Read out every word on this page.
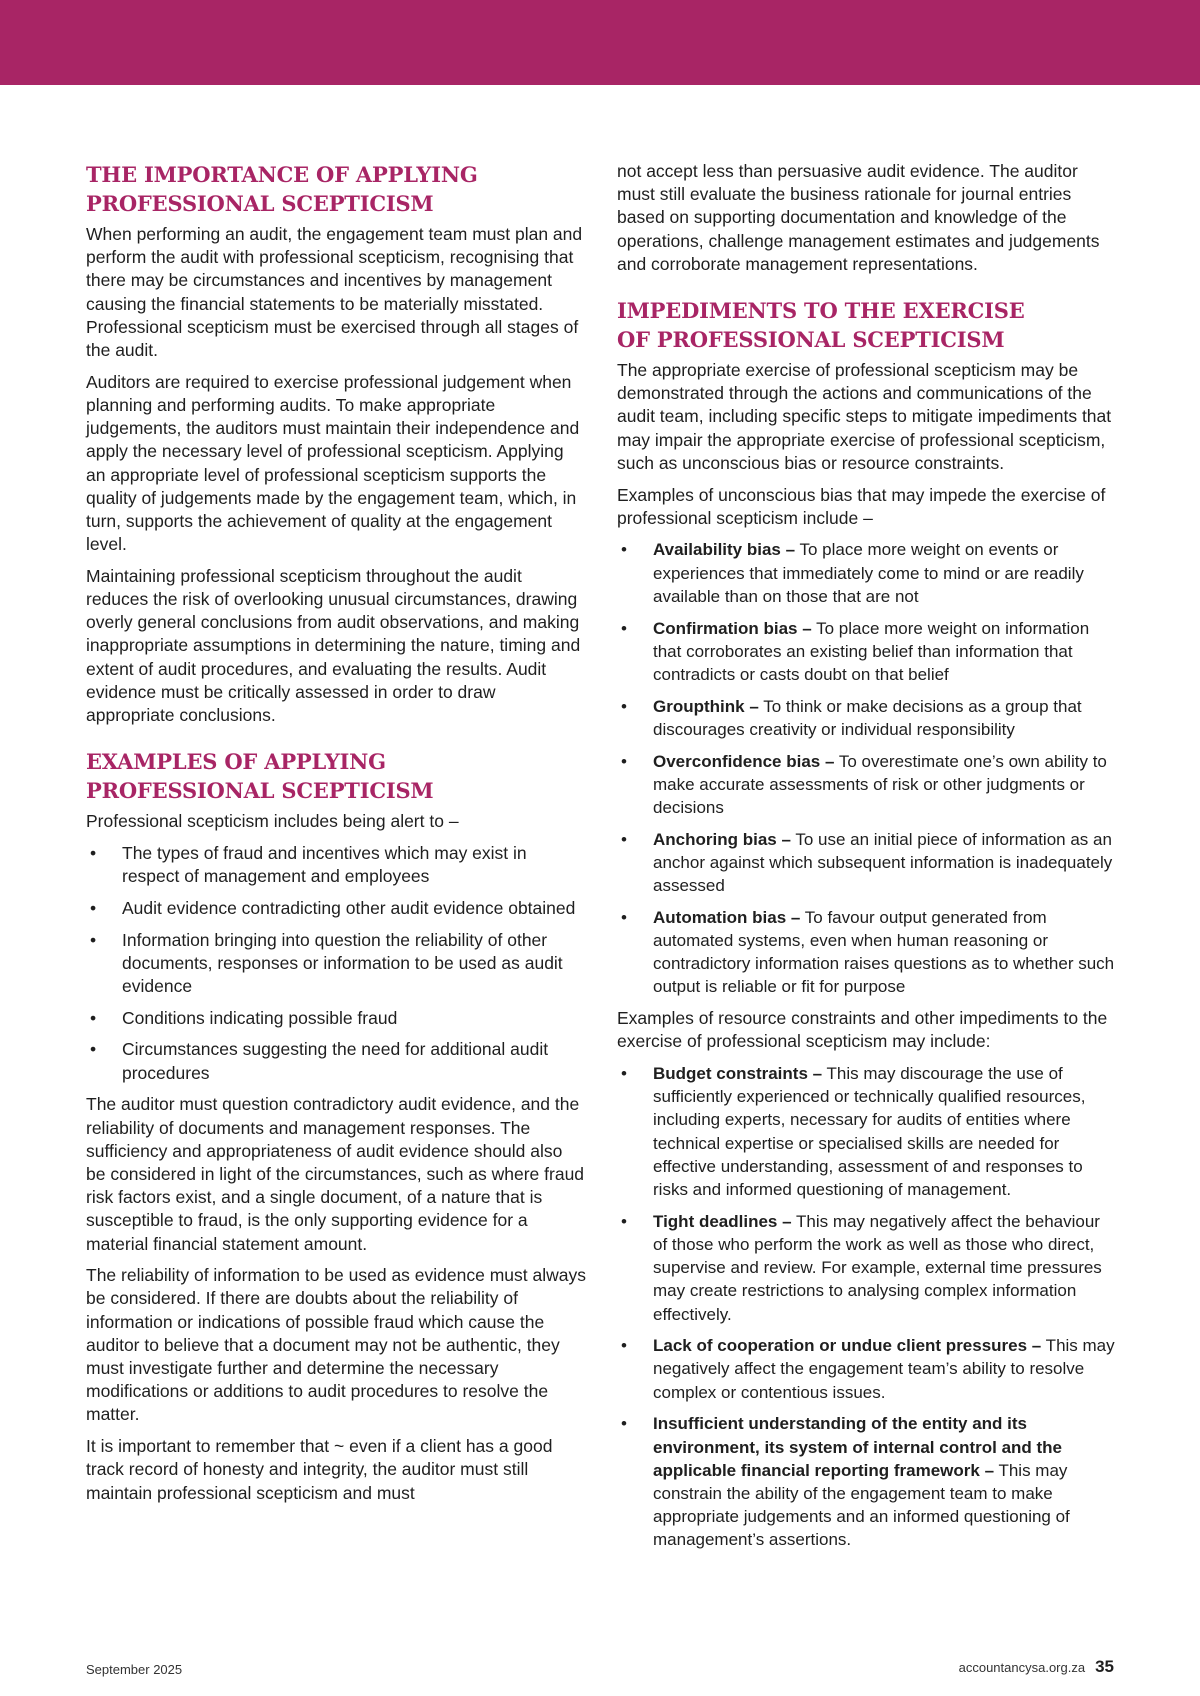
THE IMPORTANCE OF APPLYING
PROFESSIONAL SCEPTICISM

When performing an audit, the engagement team must plan and perform the audit with professional scepticism, recognising that there may be circumstances and incentives by management causing the financial statements to be materially misstated. Professional scepticism must be exercised through all stages of the audit.

Auditors are required to exercise professional judgement when planning and performing audits. To make appropriate judgements, the auditors must maintain their independence and apply the necessary level of professional scepticism. Applying an appropriate level of professional scepticism supports the quality of judgements made by the engagement team, which, in turn, supports the achievement of quality at the engagement level.

Maintaining professional scepticism throughout the audit reduces the risk of overlooking unusual circumstances, drawing overly general conclusions from audit observations, and making inappropriate assumptions in determining the nature, timing and extent of audit procedures, and evaluating the results. Audit evidence must be critically assessed in order to draw appropriate conclusions.

EXAMPLES OF APPLYING
PROFESSIONAL SCEPTICISM

Professional scepticism includes being alert to –

• The types of fraud and incentives which may exist in respect of management and employees
• Audit evidence contradicting other audit evidence obtained
• Information bringing into question the reliability of other documents, responses or information to be used as audit evidence
• Conditions indicating possible fraud
• Circumstances suggesting the need for additional audit procedures

The auditor must question contradictory audit evidence, and the reliability of documents and management responses. The sufficiency and appropriateness of audit evidence should also be considered in light of the circumstances, such as where fraud risk factors exist, and a single document, of a nature that is susceptible to fraud, is the only supporting evidence for a material financial statement amount.

The reliability of information to be used as evidence must always be considered. If there are doubts about the reliability of information or indications of possible fraud which cause the auditor to believe that a document may not be authentic, they must investigate further and determine the necessary modifications or additions to audit procedures to resolve the matter.

It is important to remember that ~ even if a client has a good track record of honesty and integrity, the auditor must still maintain professional scepticism and must

not accept less than persuasive audit evidence. The auditor must still evaluate the business rationale for journal entries based on supporting documentation and knowledge of the operations, challenge management estimates and judgements and corroborate management representations.

IMPEDIMENTS TO THE EXERCISE
OF PROFESSIONAL SCEPTICISM

The appropriate exercise of professional scepticism may be demonstrated through the actions and communications of the audit team, including specific steps to mitigate impediments that may impair the appropriate exercise of professional scepticism, such as unconscious bias or resource constraints.

Examples of unconscious bias that may impede the exercise of professional scepticism include –

• Availability bias – To place more weight on events or experiences that immediately come to mind or are readily available than on those that are not
• Confirmation bias – To place more weight on information that corroborates an existing belief than information that contradicts or casts doubt on that belief
• Groupthink – To think or make decisions as a group that discourages creativity or individual responsibility
• Overconfidence bias – To overestimate one’s own ability to make accurate assessments of risk or other judgments or decisions
• Anchoring bias – To use an initial piece of information as an anchor against which subsequent information is inadequately assessed
• Automation bias – To favour output generated from automated systems, even when human reasoning or contradictory information raises questions as to whether such output is reliable or fit for purpose

Examples of resource constraints and other impediments to the exercise of professional scepticism may include:

• Budget constraints – This may discourage the use of sufficiently experienced or technically qualified resources, including experts, necessary for audits of entities where technical expertise or specialised skills are needed for effective understanding, assessment of and responses to risks and informed questioning of management.
• Tight deadlines – This may negatively affect the behaviour of those who perform the work as well as those who direct, supervise and review. For example, external time pressures may create restrictions to analysing complex information effectively.
• Lack of cooperation or undue client pressures – This may negatively affect the engagement team’s ability to resolve complex or contentious issues.
• Insufficient understanding of the entity and its environment, its system of internal control and the applicable financial reporting framework – This may constrain the ability of the engagement team to make appropriate judgements and an informed questioning of management’s assertions.
September 2025	accountancysa.org.za 35
